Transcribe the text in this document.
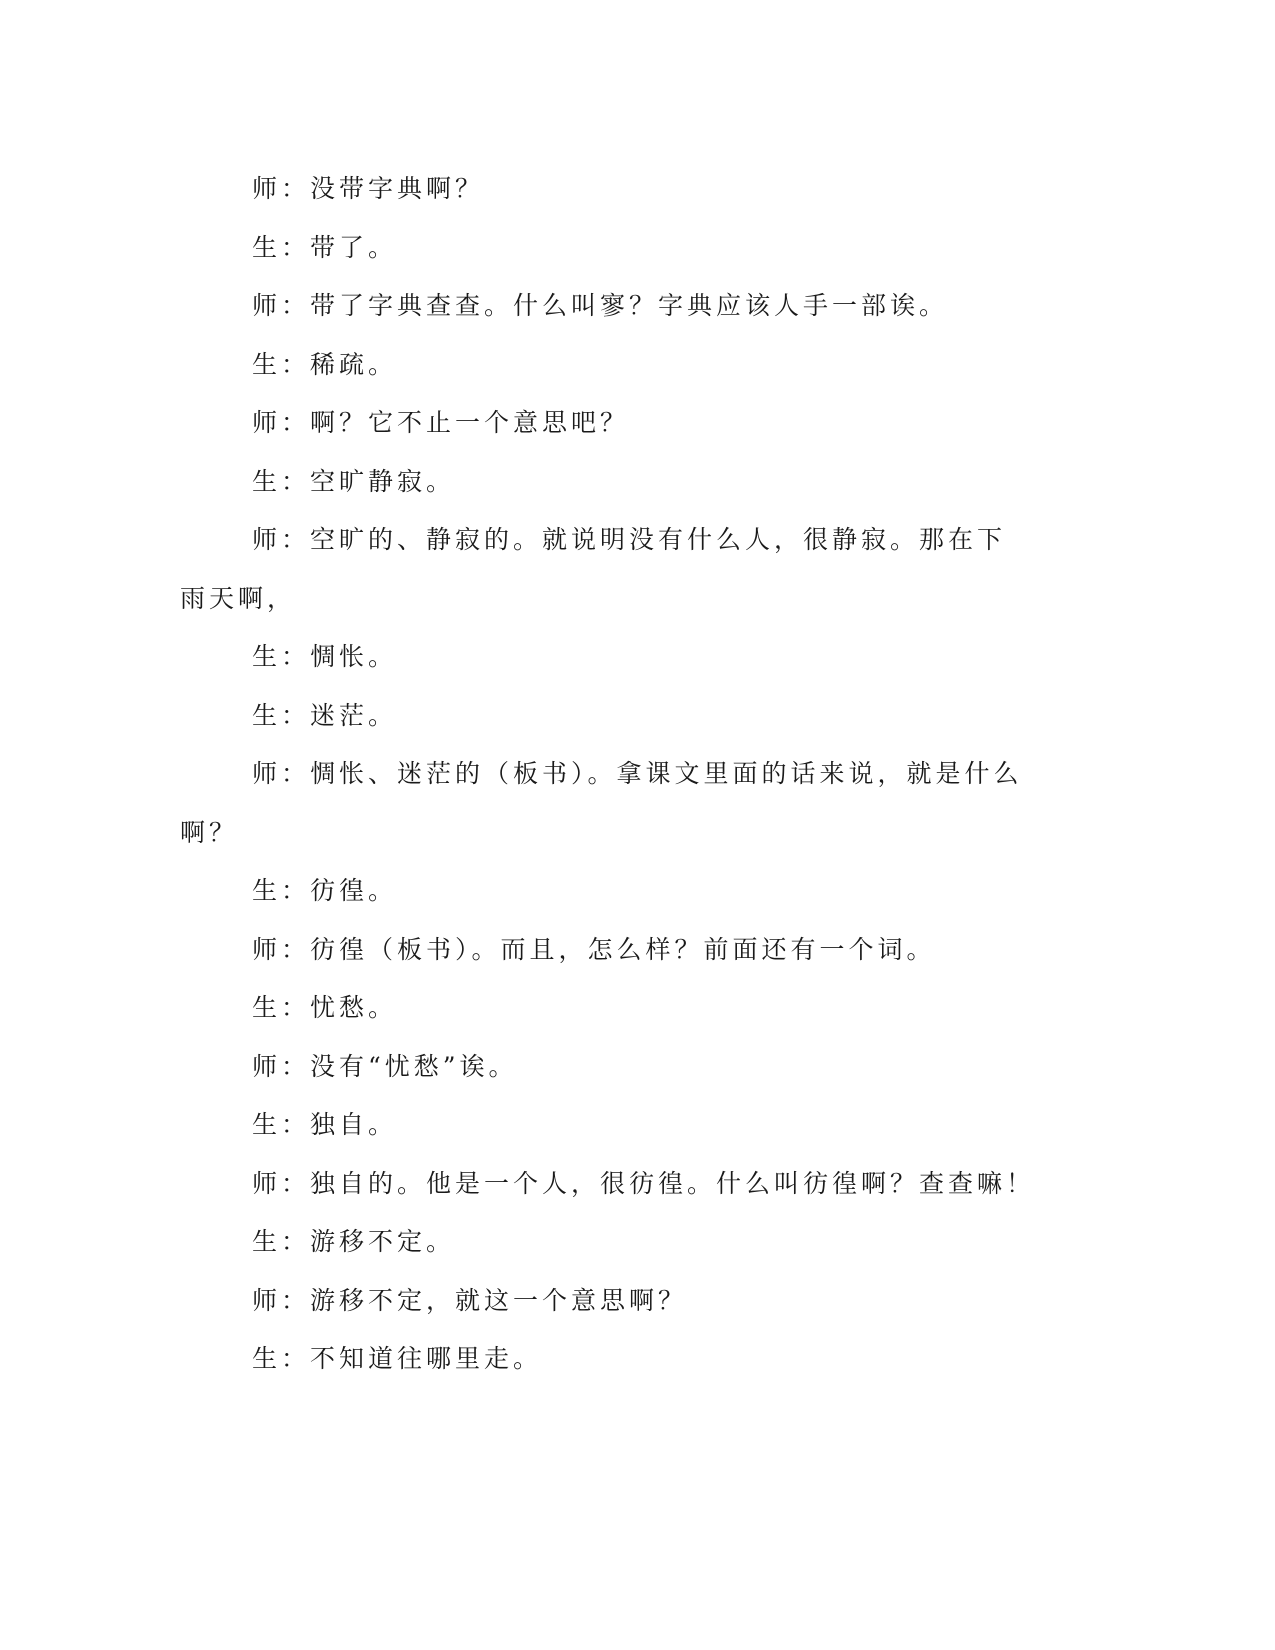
师：没带字典啊？

生：带了。

师：带了字典查查。什么叫寥？字典应该人手一部诶。

生：稀疏。

师：啊？它不止一个意思吧？

生：空旷静寂。

师：空旷的、静寂的。就说明没有什么人，很静寂。那在下雨天啊，

生：惆怅。

生：迷茫。

师：惆怅、迷茫的（板书）。拿课文里面的话来说，就是什么啊？

生：彷徨。

师：彷徨（板书）。而且，怎么样？前面还有一个词。

生：忧愁。

师：没有“忧愁”诶。

生：独自。

师：独自的。他是一个人，很彷徨。什么叫彷徨啊？查查嘛！

生：游移不定。

师：游移不定，就这一个意思啊？

生：不知道往哪里走。
